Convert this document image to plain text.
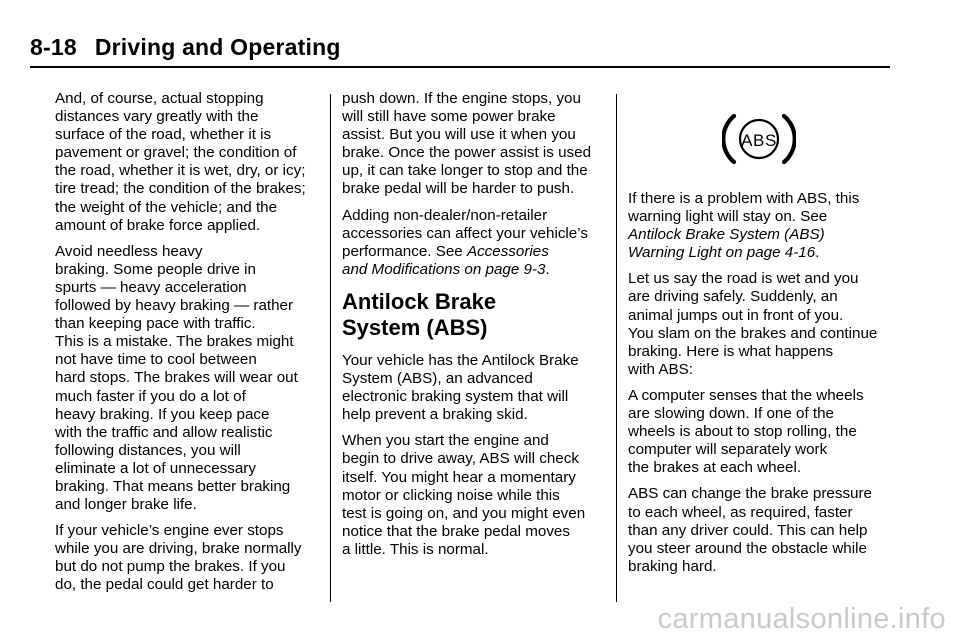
8-18 Driving and Operating

And, of course, actual stopping
distances vary greatly with the
surface of the road, whether it is
pavement or gravel; the condition of
the road, whether it is wet, dry, or icy;
tire tread; the condition of the brakes;
the weight of the vehicle; and the
amount of brake force applied.

Avoid needless heavy
braking. Some people drive in
spurts — heavy acceleration
followed by heavy braking — rather
than keeping pace with traffic.
This is a mistake. The brakes might
not have time to cool between
hard stops. The brakes will wear out
much faster if you do a lot of
heavy braking. If you keep pace
with the traffic and allow realistic
following distances, you will
eliminate a lot of unnecessary
braking. That means better braking
and longer brake life.

If your vehicle’s engine ever stops
while you are driving, brake normally
but do not pump the brakes. If you
do, the pedal could get harder to

push down. If the engine stops, you
will still have some power brake
assist. But you will use it when you
brake. Once the power assist is used
up, it can take longer to stop and the
brake pedal will be harder to push.

Adding non-dealer/non-retailer
accessories can affect your vehicle’s
performance. See Accessories
and Modifications on page 9-3.

Antilock Brake
System (ABS)

Your vehicle has the Antilock Brake
System (ABS), an advanced
electronic braking system that will
help prevent a braking skid.

When you start the engine and
begin to drive away, ABS will check
itself. You might hear a momentary
motor or clicking noise while this
test is going on, and you might even
notice that the brake pedal moves
a little. This is normal.

ABS

If there is a problem with ABS, this
warning light will stay on. See
Antilock Brake System (ABS)
Warning Light on page 4-16.

Let us say the road is wet and you
are driving safely. Suddenly, an
animal jumps out in front of you.
You slam on the brakes and continue
braking. Here is what happens
with ABS:

A computer senses that the wheels
are slowing down. If one of the
wheels is about to stop rolling, the
computer will separately work
the brakes at each wheel.

ABS can change the brake pressure
to each wheel, as required, faster
than any driver could. This can help
you steer around the obstacle while
braking hard.

carmanualsonline.info
